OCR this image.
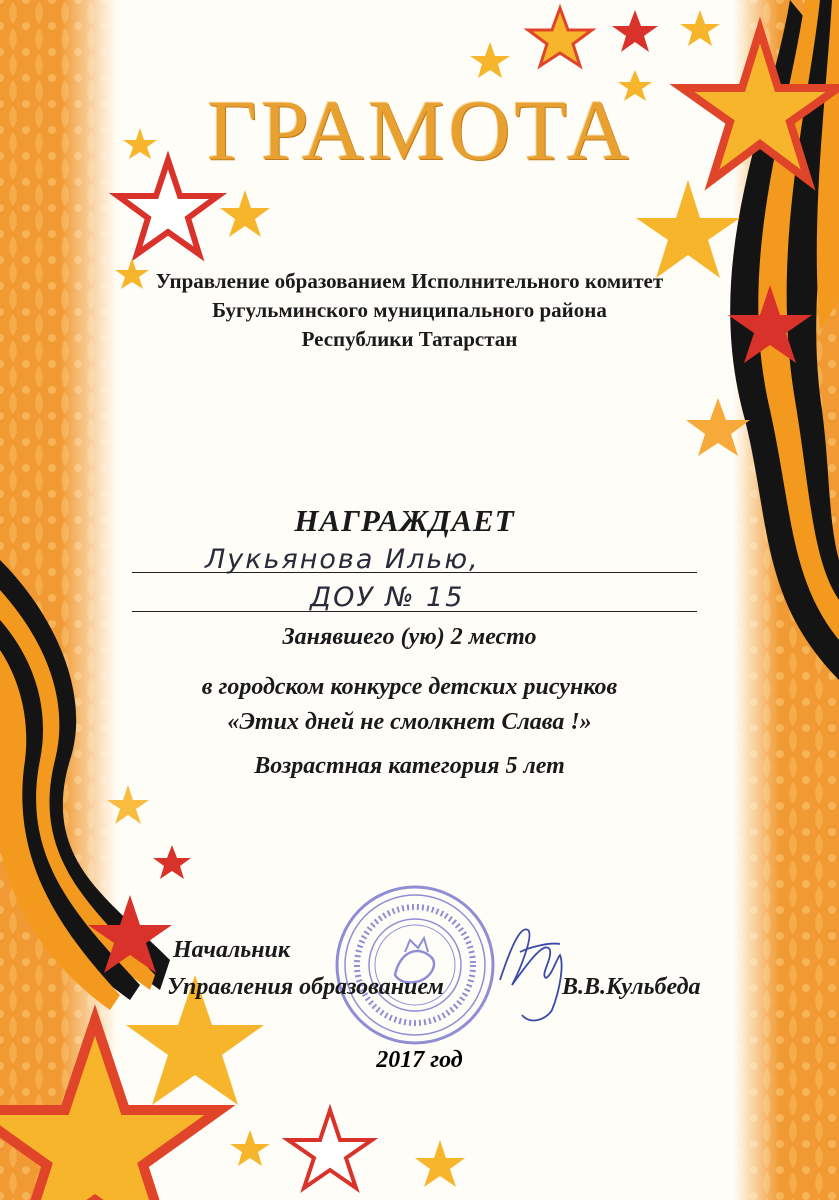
ГРАМОТА
Управление образованием Исполнительного комитет
Бугульминского муниципального района
Республики Татарстан
НАГРАЖДАЕТ
Лукьянова Илью,
ДОУ № 15
Занявшего (ую) 2 место
в городском конкурсе детских рисунков
«Этих дней не смолкнет Слава !»
Возрастная категория 5 лет
Начальник
Управления образованием	В.В.Кульбеда
2017 год
